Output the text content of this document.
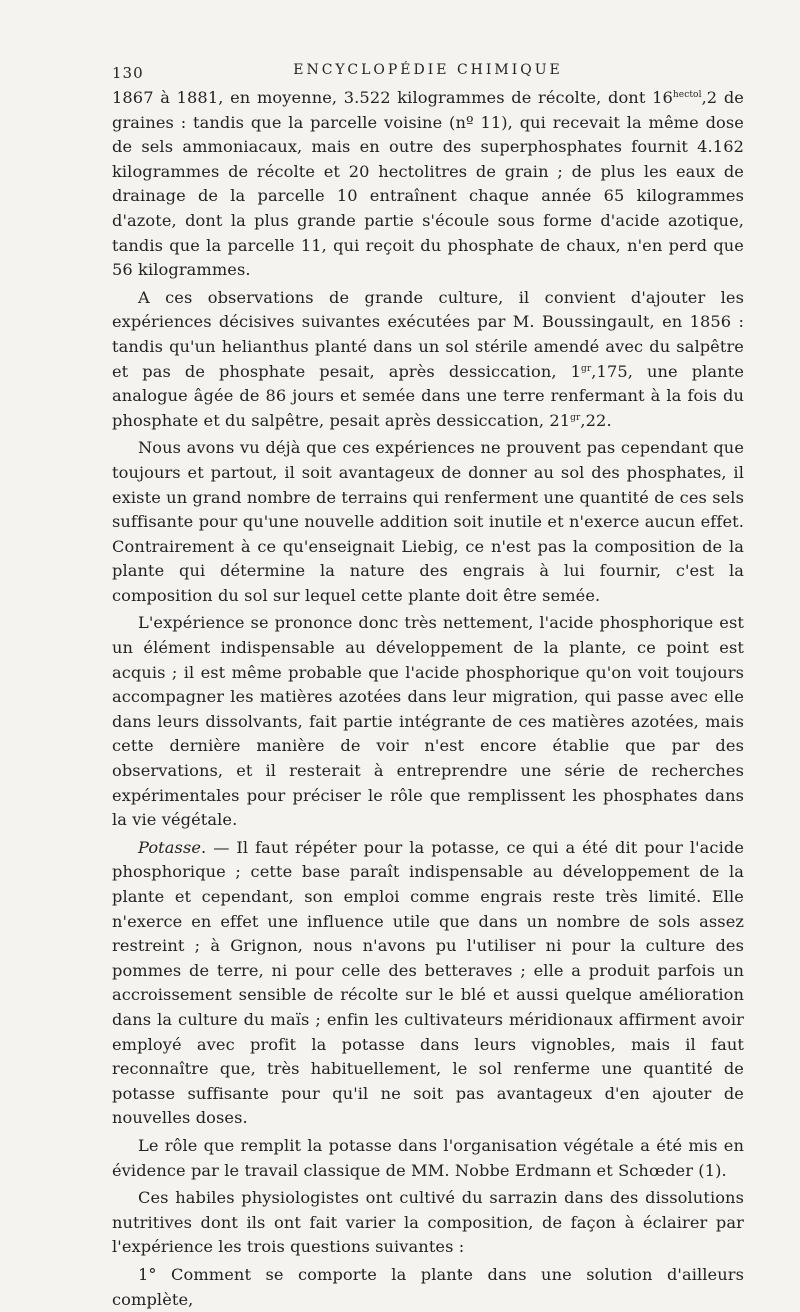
130	ENCYCLOPÉDIE CHIMIQUE

1867 à 1881, en moyenne, 3.522 kilogrammes de récolte, dont $16^{hectol},2$ de graines : tandis que la parcelle voisine (nº 11), qui recevait la même dose de sels ammoniacaux, mais en outre des superphosphates fournit 4.162 kilogrammes de récolte et 20 hectolitres de grain ; de plus les eaux de drainage de la parcelle 10 entraînent chaque année 65 kilogrammes d'azote, dont la plus grande partie s'écoule sous forme d'acide azotique, tandis que la parcelle 11, qui reçoit du phosphate de chaux, n'en perd que 56 kilogrammes.

A ces observations de grande culture, il convient d'ajouter les expériences décisives suivantes exécutées par M. Boussingault, en 1856 : tandis qu'un helianthus planté dans un sol stérile amendé avec du salpêtre et pas de phosphate pesait, après dessiccation, $1^{gr},175$, une plante analogue âgée de 86 jours et semée dans une terre renfermant à la fois du phosphate et du salpêtre, pesait après dessiccation, $21^{gr},22$.

Nous avons vu déjà que ces expériences ne prouvent pas cependant que toujours et partout, il soit avantageux de donner au sol des phosphates, il existe un grand nombre de terrains qui renferment une quantité de ces sels suffisante pour qu'une nouvelle addition soit inutile et n'exerce aucun effet. Contrairement à ce qu'enseignait Liebig, ce n'est pas la composition de la plante qui détermine la nature des engrais à lui fournir, c'est la composition du sol sur lequel cette plante doit être semée.

L'expérience se prononce donc très nettement, l'acide phosphorique est un élément indispensable au développement de la plante, ce point est acquis ; il est même probable que l'acide phosphorique qu'on voit toujours accompagner les matières azotées dans leur migration, qui passe avec elle dans leurs dissolvants, fait partie intégrante de ces matières azotées, mais cette dernière manière de voir n'est encore établie que par des observations, et il resterait à entreprendre une série de recherches expérimentales pour préciser le rôle que remplissent les phosphates dans la vie végétale.

Potasse. — Il faut répéter pour la potasse, ce qui a été dit pour l'acide phosphorique ; cette base paraît indispensable au développement de la plante et cependant, son emploi comme engrais reste très limité. Elle n'exerce en effet une influence utile que dans un nombre de sols assez restreint ; à Grignon, nous n'avons pu l'utiliser ni pour la culture des pommes de terre, ni pour celle des betteraves ; elle a produit parfois un accroissement sensible de récolte sur le blé et aussi quelque amélioration dans la culture du maïs ; enfin les cultivateurs méridionaux affirment avoir employé avec profit la potasse dans leurs vignobles, mais il faut reconnaître que, très habituellement, le sol renferme une quantité de potasse suffisante pour qu'il ne soit pas avantageux d'en ajouter de nouvelles doses.

Le rôle que remplit la potasse dans l'organisation végétale a été mis en évidence par le travail classique de MM. Nobbe Erdmann et Schœder (1).

Ces habiles physiologistes ont cultivé du sarrazin dans des dissolutions nutritives dont ils ont fait varier la composition, de façon à éclairer par l'expérience les trois questions suivantes :

1° Comment se comporte la plante dans une solution d'ailleurs complète,
